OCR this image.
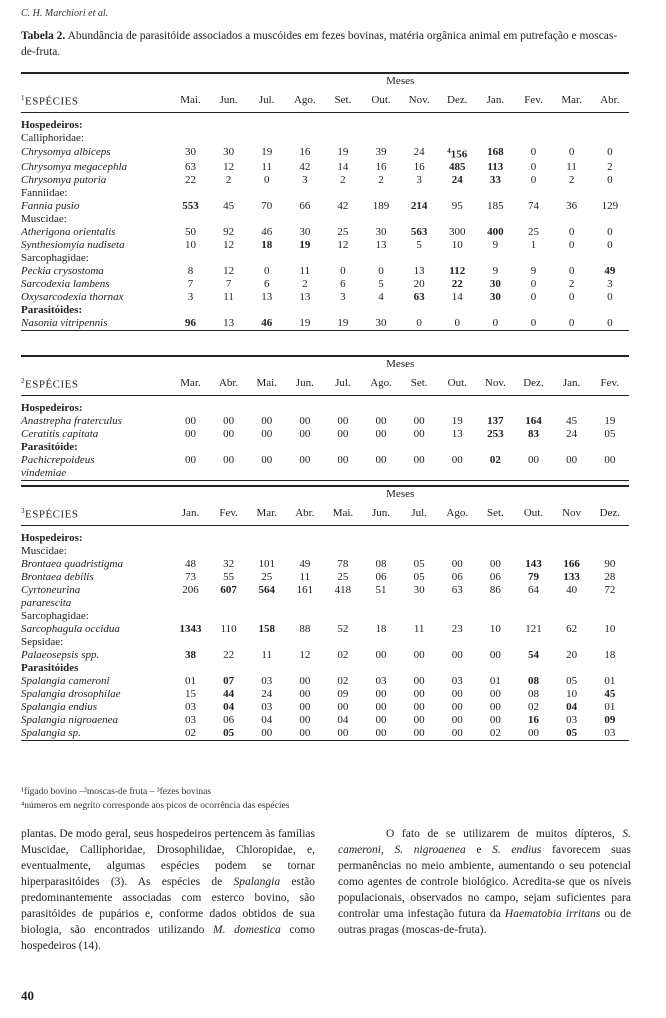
C. H. Marchiori et al.
Tabela 2. Abundância de parasitóide associados a muscóides em fezes bovinas, matéria orgânica animal em putrefação e moscas- de-fruta.
	Meses											
$^1$ESPÉCIES	Mai.	Jun.	Jul.	Ago.	Set.	Out.	Nov.	Dez.	Jan.	Fev.	Mar.	Abr.

Hospedeiros:												
Calliphoridae:												
Chrysomya albiceps	30	30	19	16	19	39	24	$^4$156	168	0	0	0
Chrysomya megacephla	63	12	11	42	14	16	16	485	113	0	11	2
Chrysomya putoria	22	2	0	3	2	2	3	24	33	0	2	0
Fanniidae:												
Fannia pusio	553	45	70	66	42	189	214	95	185	74	36	129
Muscidae:												
Atherigona orientalis	50	92	46	30	25	30	563	300	400	25	0	0
Synthesiomyia nudiseta	10	12	18	19	12	13	5	10	9	1	0	0
Sarcophagidae:												
Peckia crysostoma	8	12	0	11	0	0	13	112	9	9	0	49
Sarcodexia lambens	7	7	6	2	6	5	20	22	30	0	2	3
Oxysarcodexia thornax	3	11	13	13	3	4	63	14	30	0	0	0
Parasitóides:												
Nasonia vitripennis	96	13	46	19	19	30	0	0	0	0	0	0
	Meses											
$^2$ESPÉCIES	Mar.	Abr.	Mai.	Jun.	Jul.	Ago.	Set.	Out.	Nov.	Dez.	Jan.	Fev.

Hospedeiros:												
Anastrepha fraterculus	00	00	00	00	00	00	00	19	137	164	45	19
Ceratitis capitata	00	00	00	00	00	00	00	13	253	83	24	05
Parasitóide:												
Pachicrepoideus	00	00	00	00	00	00	00	00	02	00	00	00
vindemiae												
	Meses											
$^3$ESPÉCIES	Jan.	Fev.	Mar.	Abr.	Mai.	Jun.	Jul.	Ago.	Set.	Out.	Nov	Dez.

Hospedeiros:												
Muscidae:												
Brontaea quadristigma	48	32	101	49	78	08	05	00	00	143	166	90
Brontaea debilis	73	55	25	11	25	06	05	06	06	79	133	28
Cyrtoneurina	206	607	564	161	418	51	30	63	86	64	40	72
pararescita												
Sarcophagidae:												
Sarcophagula occidua	1343	110	158	88	52	18	11	23	10	121	62	10
Sepsidae:												
Palaeosepsis spp.	38	22	11	12	02	00	00	00	00	54	20	18
Parasitóides												
Spalangia cameroni	01	07	03	00	02	03	00	03	01	08	05	01
Spalangia drosophilae	15	44	24	00	09	00	00	00	00	08	10	45
Spalangia endius	03	04	03	00	00	00	00	00	00	02	04	01
Spalangia nigroaenea	03	06	04	00	04	00	00	00	00	16	03	09
Spalangia sp.	02	05	00	00	00	00	00	00	02	00	05	03
¹fígado bovino –²moscas-de fruta – ³fezes bovinas
⁴números em negrito corresponde aos picos de ocorrência das espécies
plantas. De modo geral, seus hospedeiros pertencem às famílias Muscidae, Calliphoridae, Drosophilidae, Chloropidae, e, eventualmente, algumas espécies podem se tornar hiperparasitóides (3). As espécies de Spalangia estão predominantemente associadas com esterco bovino, são parasitóides de pupários e, conforme dados obtidos de sua biologia, são encontrados utilizando M. domestica como hospedeiros (14).
O fato de se utilizarem de muitos dípteros, S. cameroni, S. nigroaenea e S. endius favorecem suas permanências no meio ambiente, aumentando o seu potencial como agentes de controle biológico. Acredita-se que os níveis populacionais, observados no campo, sejam suficientes para controlar uma infestação futura da Haematobia irritans ou de outras pragas (moscas-de-fruta).
40
